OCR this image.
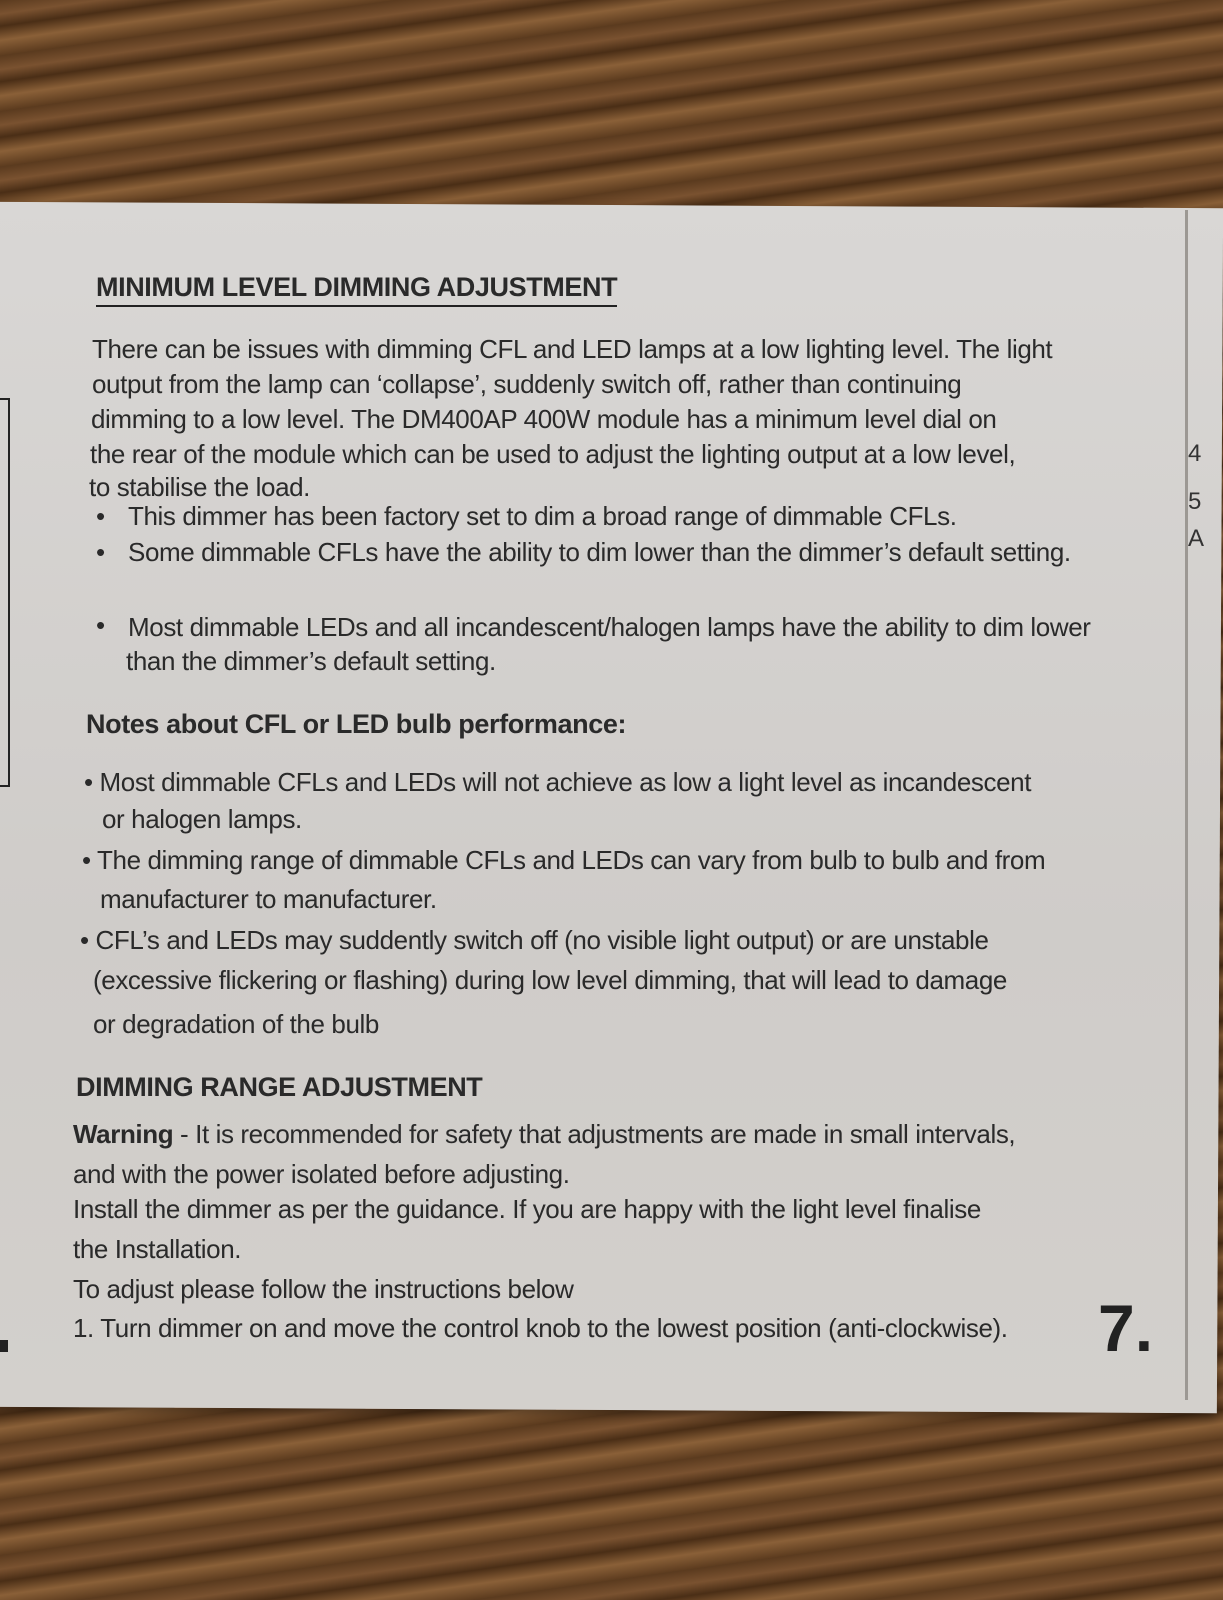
4
5
A
MINIMUM LEVEL DIMMING ADJUSTMENT
There can be issues with dimming CFL and LED lamps at a low lighting level. The light
output from the lamp can ‘collapse’, suddenly switch off, rather than continuing
dimming to a low level. The DM400AP 400W module has a minimum level dial on
the rear of the module which can be used to adjust the lighting output at a low level,
to stabilise the load.
• This dimmer has been factory set to dim a broad range of dimmable CFLs.
• Some dimmable CFLs have the ability to dim lower than the dimmer’s default setting.
• Most dimmable LEDs and all incandescent/halogen lamps have the ability to dim lower
than the dimmer’s default setting.
Notes about CFL or LED bulb performance:
• Most dimmable CFLs and LEDs will not achieve as low a light level as incandescent
or halogen lamps.
• The dimming range of dimmable CFLs and LEDs can vary from bulb to bulb and from
manufacturer to manufacturer.
• CFL’s and LEDs may suddently switch off (no visible light output) or are unstable
(excessive flickering or flashing) during low level dimming, that will lead to damage
or degradation of the bulb
DIMMING RANGE ADJUSTMENT
Warning - It is recommended for safety that adjustments are made in small intervals,
and with the power isolated before adjusting.
Install the dimmer as per the guidance. If you are happy with the light level finalise
the Installation.
To adjust please follow the instructions below
1. Turn dimmer on and move the control knob to the lowest position (anti-clockwise). 7.
